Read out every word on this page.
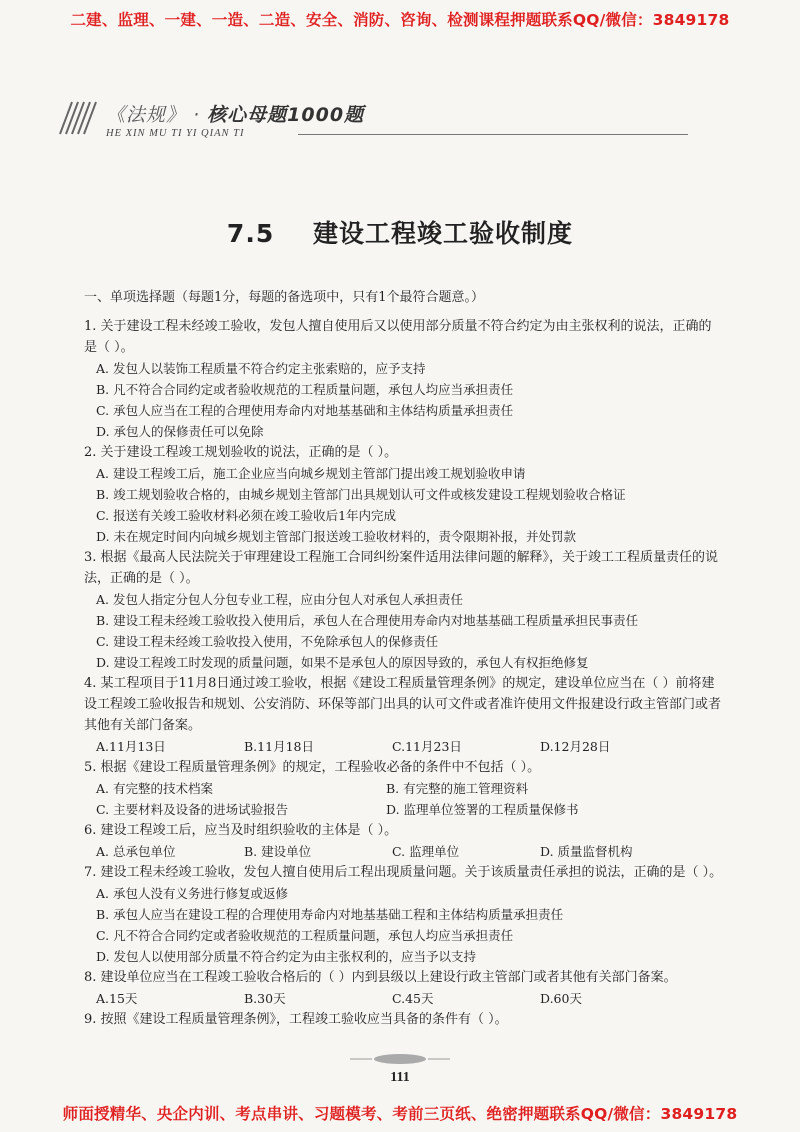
二建、监理、一建、一造、二造、安全、消防、咨询、检测课程押题联系QQ/微信：3849178
《法规》 · 核心母题1000题
HE XIN MU TI YI QIAN TI
7.5 建设工程竣工验收制度

一、单项选择题（每题1分，每题的备选项中，只有1个最符合题意。）

1. 关于建设工程未经竣工验收，发包人擅自使用后又以使用部分质量不符合约定为由主张权利的说法，正确的是（ ）。

A. 发包人以装饰工程质量不符合约定主张索赔的，应予支持

B. 凡不符合合同约定或者验收规范的工程质量问题，承包人均应当承担责任

C. 承包人应当在工程的合理使用寿命内对地基基础和主体结构质量承担责任

D. 承包人的保修责任可以免除

2. 关于建设工程竣工规划验收的说法，正确的是（ ）。

A. 建设工程竣工后，施工企业应当向城乡规划主管部门提出竣工规划验收申请

B. 竣工规划验收合格的，由城乡规划主管部门出具规划认可文件或核发建设工程规划验收合格证

C. 报送有关竣工验收材料必须在竣工验收后1年内完成

D. 未在规定时间内向城乡规划主管部门报送竣工验收材料的，责令限期补报，并处罚款

3. 根据《最高人民法院关于审理建设工程施工合同纠纷案件适用法律问题的解释》，关于竣工工程质量责任的说法，正确的是（ ）。

A. 发包人指定分包人分包专业工程，应由分包人对承包人承担责任

B. 建设工程未经竣工验收投入使用后，承包人在合理使用寿命内对地基基础工程质量承担民事责任

C. 建设工程未经竣工验收投入使用，不免除承包人的保修责任

D. 建设工程竣工时发现的质量问题，如果不是承包人的原因导致的，承包人有权拒绝修复

4. 某工程项目于11月8日通过竣工验收，根据《建设工程质量管理条例》的规定，建设单位应当在（ ）前将建设工程竣工验收报告和规划、公安消防、环保等部门出具的认可文件或者准许使用文件报建设行政主管部门或者其他有关部门备案。
A.11月13日	B.11月18日	C.11月23日	D.12月28日
5. 根据《建设工程质量管理条例》的规定，工程验收必备的条件中不包括（ ）。
A. 有完整的技术档案	B. 有完整的施工管理资料
C. 主要材料及设备的进场试验报告	D. 监理单位签署的工程质量保修书
6. 建设工程竣工后，应当及时组织验收的主体是（ ）。
A. 总承包单位	B. 建设单位	C. 监理单位	D. 质量监督机构
7. 建设工程未经竣工验收，发包人擅自使用后工程出现质量问题。关于该质量责任承担的说法，正确的是（ ）。

A. 承包人没有义务进行修复或返修

B. 承包人应当在建设工程的合理使用寿命内对地基基础工程和主体结构质量承担责任

C. 凡不符合合同约定或者验收规范的工程质量问题，承包人均应当承担责任

D. 发包人以使用部分质量不符合约定为由主张权利的，应当予以支持

8. 建设单位应当在工程竣工验收合格后的（ ）内到县级以上建设行政主管部门或者其他有关部门备案。
A.15天	B.30天	C.45天	D.60天
9. 按照《建设工程质量管理条例》，工程竣工验收应当具备的条件有（ ）。
111
师面授精华、央企内训、考点串讲、习题模考、考前三页纸、绝密押题联系QQ/微信：3849178
